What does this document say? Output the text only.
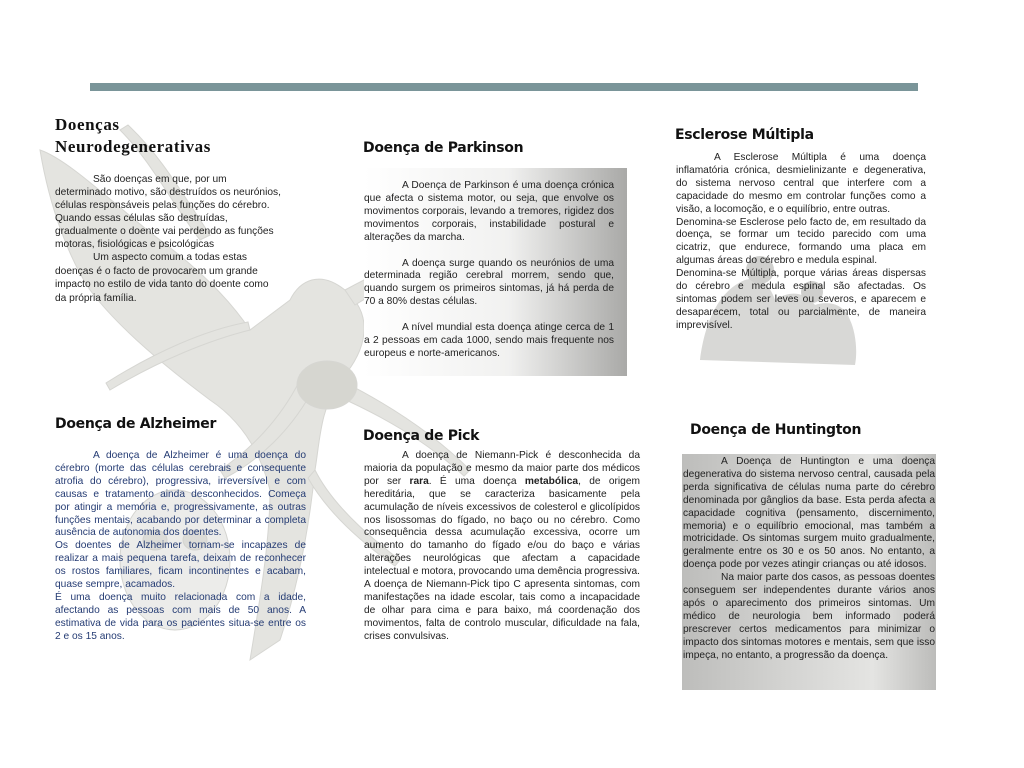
Doenças
Neurodegenerativas

São doenças em que, por um determinado motivo, são destruídos os neurónios, células responsáveis pelas funções do cérebro. Quando essas células são destruídas, gradualmente o doente vai perdendo as funções motoras, fisiológicas e psicológicas

Um aspecto comum a todas estas doenças é o facto de provocarem um grande impacto no estilo de vida tanto do doente como da própria família.

Doença de Parkinson

A Doença de Parkinson é uma doença crónica que afecta o sistema motor, ou seja, que envolve os movimentos corporais, levando a tremores, rigidez dos movimentos corporais, instabilidade postural e alterações da marcha.

A doença surge quando os neurónios de uma determinada região cerebral morrem, sendo que, quando surgem os primeiros sintomas, já há perda de 70 a 80% destas células.

A nível mundial esta doença atinge cerca de 1 a 2 pessoas em cada 1000, sendo mais frequente nos europeus e norte-americanos.

Esclerose Múltipla

A Esclerose Múltipla é uma doença inflamatória crónica, desmielinizante e degenerativa, do sistema nervoso central que interfere com a capacidade do mesmo em controlar funções como a visão, a locomoção, e o equilíbrio, entre outras.

Denomina-se Esclerose pelo facto de, em resultado da doença, se formar um tecido parecido com uma cicatriz, que endurece, formando uma placa em algumas áreas do cérebro e medula espinal.

Denomina-se Múltipla, porque várias áreas dispersas do cérebro e medula espinal são afectadas. Os sintomas podem ser leves ou severos, e aparecem e desaparecem, total ou parcialmente, de maneira imprevisível.

Doença de Alzheimer

A doença de Alzheimer é uma doença do cérebro (morte das células cerebrais e consequente atrofia do cérebro), progressiva, irreversível e com causas e tratamento ainda desconhecidos. Começa por atingir a memória e, progressivamente, as outras funções mentais, acabando por determinar a completa ausência de autonomia dos doentes.

Os doentes de Alzheimer tornam-se incapazes de realizar a mais pequena tarefa, deixam de reconhecer os rostos familiares, ficam incontinentes e acabam, quase sempre, acamados.

É uma doença muito relacionada com a idade, afectando as pessoas com mais de 50 anos. A estimativa de vida para os pacientes situa-se entre os 2 e os 15 anos.

Doença de Pick

A doença de Niemann-Pick é desconhecida da maioria da população e mesmo da maior parte dos médicos por ser rara. É uma doença metabólica, de origem hereditária, que se caracteriza basicamente pela acumulação de níveis excessivos de colesterol e glicolípidos nos lisossomas do fígado, no baço ou no cérebro. Como consequência dessa acumulação excessiva, ocorre um aumento do tamanho do fígado e/ou do baço e várias alterações neurológicas que afectam a capacidade intelectual e motora, provocando uma demência progressiva. A doença de Niemann-Pick tipo C apresenta sintomas, com manifestações na idade escolar, tais como a incapacidade de olhar para cima e para baixo, má coordenação dos movimentos, falta de controlo muscular, dificuldade na fala, crises convulsivas.

Doença de Huntington

A Doença de Huntington e uma doença degenerativa do sistema nervoso central, causada pela perda significativa de células numa parte do cérebro denominada por gânglios da base. Esta perda afecta a capacidade cognitiva (pensamento, discernimento, memoria) e o equilíbrio emocional, mas também a motricidade. Os sintomas surgem muito gradualmente, geralmente entre os 30 e os 50 anos. No entanto, a doença pode por vezes atingir crianças ou até idosos.

Na maior parte dos casos, as pessoas doentes conseguem ser independentes durante vários anos após o aparecimento dos primeiros sintomas. Um médico de neurologia bem informado poderá prescrever certos medicamentos para minimizar o impacto dos sintomas motores e mentais, sem que isso impeça, no entanto, a progressão da doença.
